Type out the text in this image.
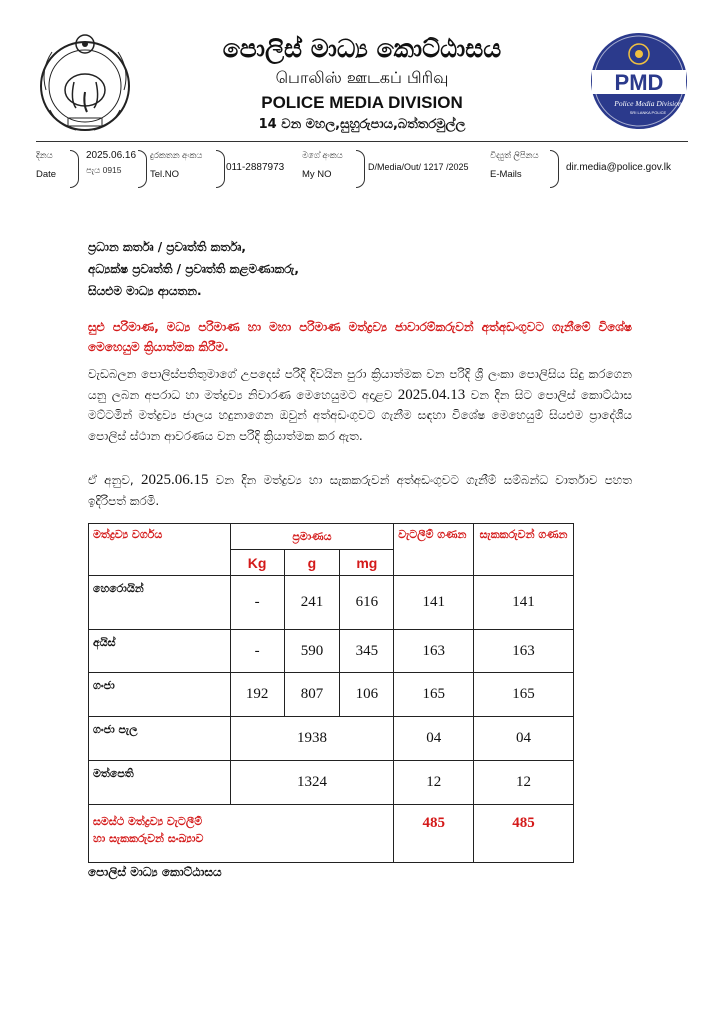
PMD
Police Media Division
SRI LANKA POLICE
පොලිස් මාධ්‍ය කොට්ඨාසය
பொலிஸ் ஊடகப் பிரிவு
POLICE MEDIA DIVISION
14 වන මහල,සුහුරුපාය,බත්තරමුල්ල
දිනය
Date
2025.06.16
පැය 0915
දුරකතන අංකය
Tel.NO
011-2887973
මගේ අංකය
My NO
D/Media/Out/ 1217 /2025
විද්‍යුත් ලිපිනය
E-Mails
dir.media@police.gov.lk
ප්‍රධාන කර්තෘ / ප්‍රවෘත්ති කර්තෘ,
අධ්‍යක්ෂ ප්‍රවෘත්ති / ප්‍රවෘත්ති කළමණාකරු,
සියළුම මාධ්‍ය ආයතන.
සුළු පරිමාණ, මධ්‍ය පරිමාණ හා මහා පරිමාණ මත්ද්‍රව්‍ය ජාවාරම්කරුවන් අත්අඩංගුවට ගැනීමේ විශේෂ මෙහෙයුම ක්‍රියාත්මක කිරීම.
වැඩබලන පොලිස්පතිතුමාගේ උපදෙස් පරිදි දිවයින පුරා ක්‍රියාත්මක වන පරිදි ශ්‍රී ලංකා පොලිසිය සිදු කරගෙන යනු ලබන අපරාධ හා මත්ද්‍රව්‍ය නිවාරණ මෙහෙයුමට අදාළව 2025.04.13 වන දින සිට පොලිස් කොට්ඨාස මට්ටමින් මත්ද්‍රව්‍ය ජාලය හදුනාගෙන ඔවුන් අත්අඩංගුවට ගැනීම සඳහා විශේෂ මෙහෙයුම් සියළුම ප්‍රාදේශීය පොලිස් ස්ථාන ආවරණය වන පරිදි ක්‍රියාත්මක කර ඇත.
ඒ අනුව, 2025.06.15 වන දින මත්ද්‍රව්‍ය හා සැකකරුවන් අත්අඩංගුවට ගැනීම් සම්බන්ධ වාර්තාව පහත ඉදිරිපත් කරමි.
මත්ද්‍රව්‍ය වර්ගය	ප්‍රමාණය			වැටලීම් ගණන	සැකකරුවන් ගණන
	Kg	g	mg		
හෙරොයින්	-	241	616	141	141
අයිස්	-	590	345	163	163
ගංජා	192	807	106	165	165
ගංජා පැල	1938			04	04
මත්පෙති	1324			12	12

සමස්ථ මත්ද්‍රව්‍ය වැටලීම්
හා සැකකරුවන් සංඛ්‍යාව				485	485
පොලිස් මාධ්‍ය කොට්ඨාසය
